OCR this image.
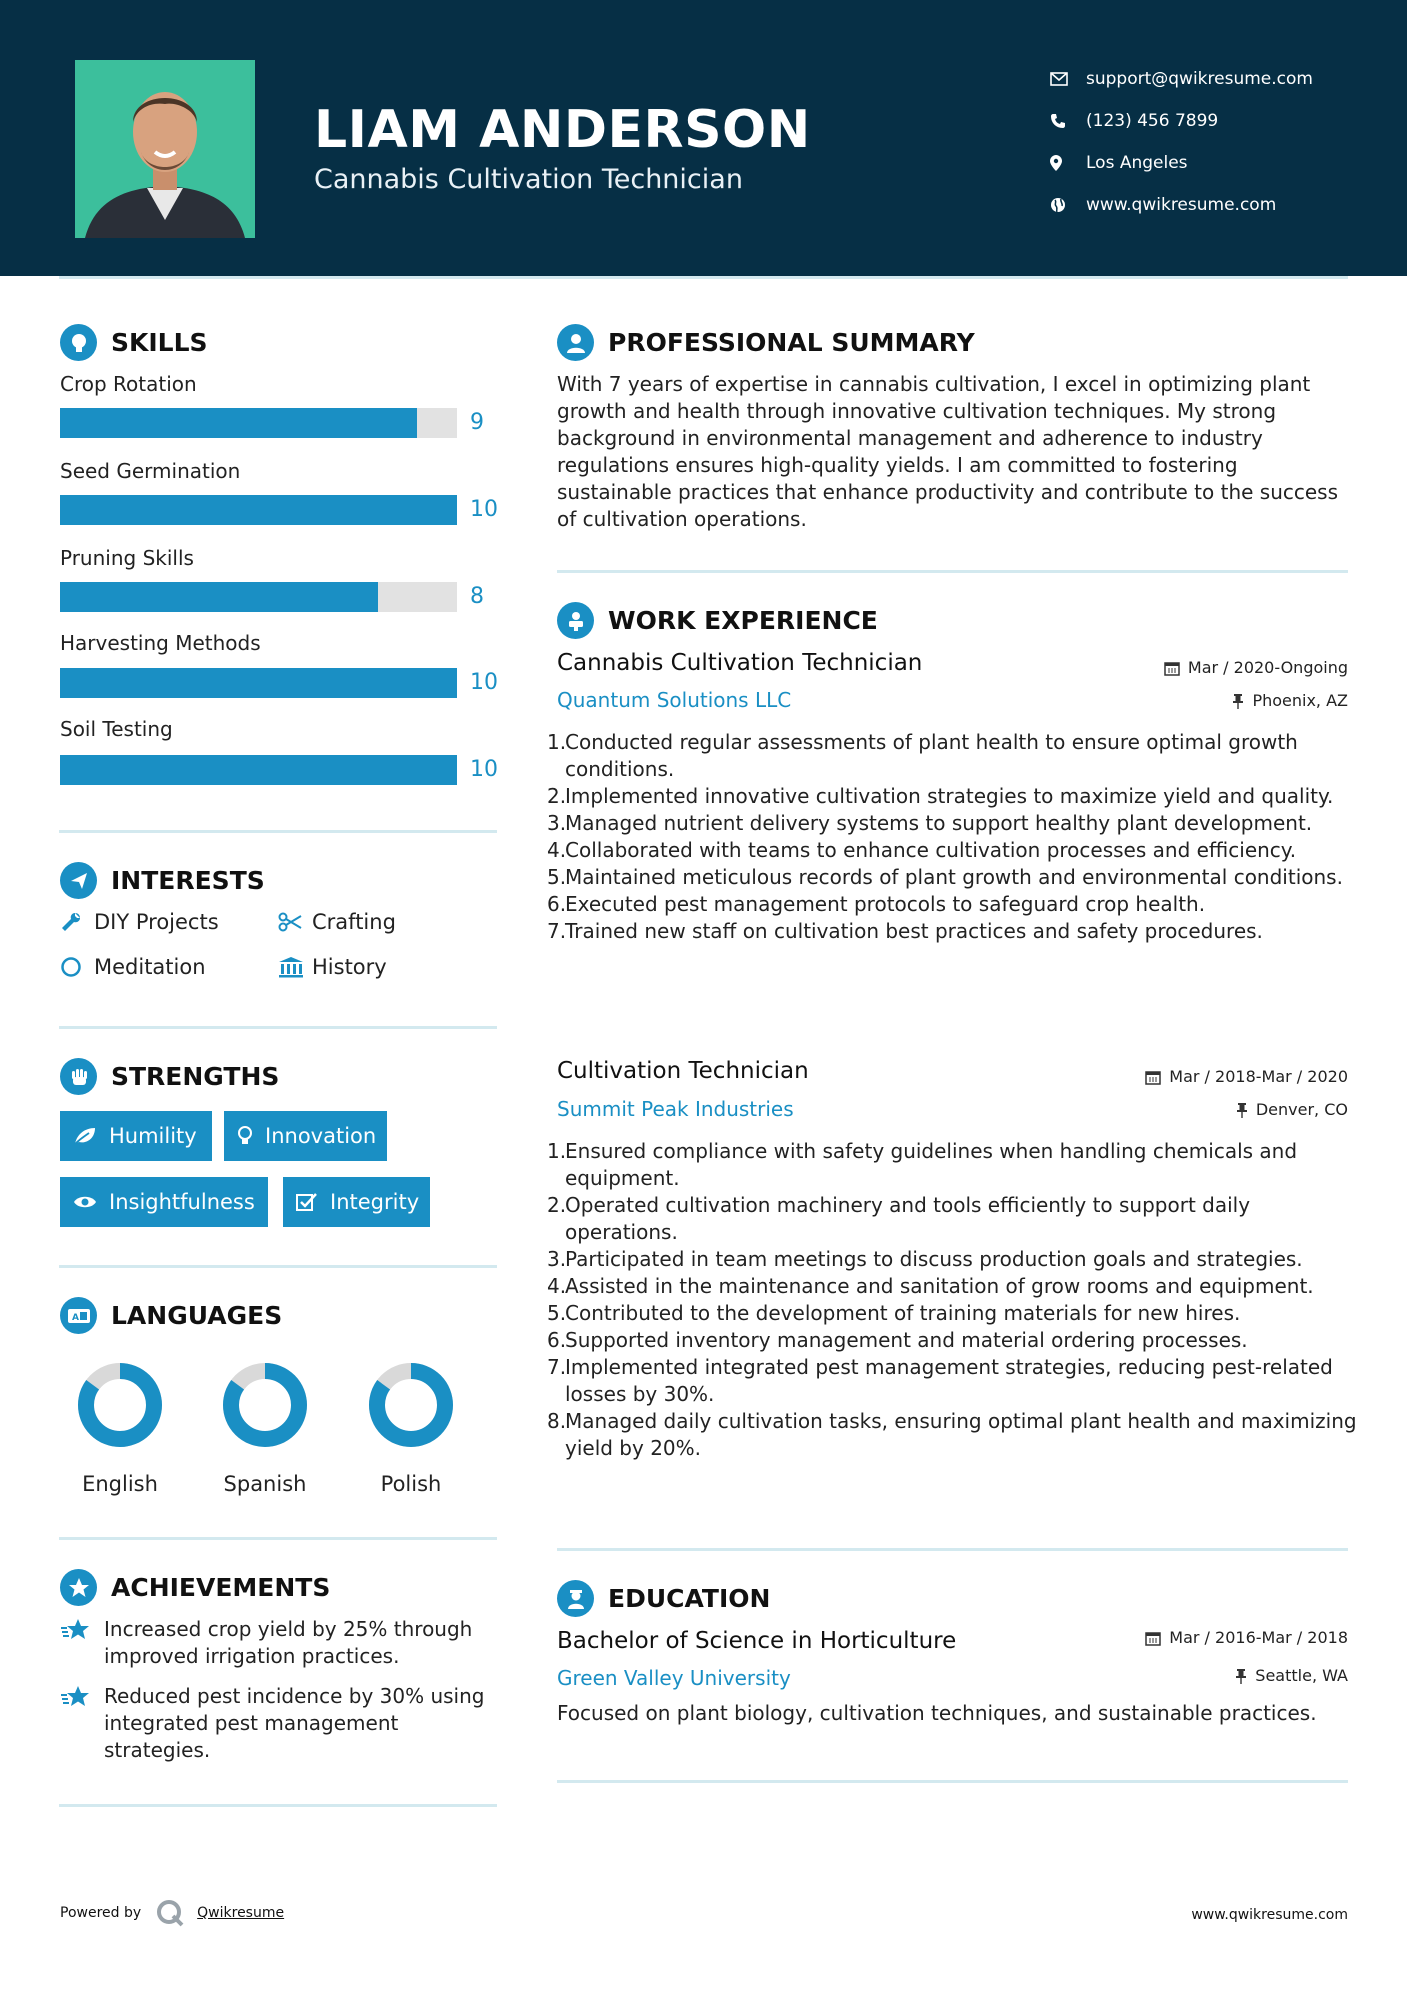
LIAM ANDERSON
Cannabis Cultivation Technician
support@qwikresume.com
(123) 456 7899
Los Angeles
www.qwikresume.com
SKILLS
Crop Rotation
9
Seed Germination
10
Pruning Skills
8
Harvesting Methods
10
Soil Testing
10
INTERESTS
DIY Projects	Crafting
Meditation	History
STRENGTHS
Humility	Innovation
Insightfulness	Integrity
A LANGUAGES
English	Spanish	Polish
ACHIEVEMENTS
Increased crop yield by 25% through improved irrigation practices.
Reduced pest incidence by 30% using integrated pest management strategies.
PROFESSIONAL SUMMARY
With 7 years of expertise in cannabis cultivation, I excel in optimizing plant growth and health through innovative cultivation techniques. My strong background in environmental management and adherence to industry regulations ensures high-quality yields. I am committed to fostering sustainable practices that enhance productivity and contribute to the success of cultivation operations.
WORK EXPERIENCE
Cannabis Cultivation Technician	Mar / 2020-Ongoing
Quantum Solutions LLC	Phoenix, AZ
1.
Conducted regular assessments of plant health to ensure optimal growth conditions.
2.
Implemented innovative cultivation strategies to maximize yield and quality.
3.
Managed nutrient delivery systems to support healthy plant development.
4.
Collaborated with teams to enhance cultivation processes and efficiency.
5.
Maintained meticulous records of plant growth and environmental conditions.
6.
Executed pest management protocols to safeguard crop health.
7.
Trained new staff on cultivation best practices and safety procedures.
Cultivation Technician	Mar / 2018-Mar / 2020
Summit Peak Industries	Denver, CO
1.
Ensured compliance with safety guidelines when handling chemicals and equipment.
2.
Operated cultivation machinery and tools efficiently to support daily operations.
3.
Participated in team meetings to discuss production goals and strategies.
4.
Assisted in the maintenance and sanitation of grow rooms and equipment.
5.
Contributed to the development of training materials for new hires.
6.
Supported inventory management and material ordering processes.
7.
Implemented integrated pest management strategies, reducing pest-related losses by 30%.
8.
Managed daily cultivation tasks, ensuring optimal plant health and maximizing yield by 20%.
EDUCATION
Bachelor of Science in Horticulture	Mar / 2016-Mar / 2018
Green Valley University	Seattle, WA
Focused on plant biology, cultivation techniques, and sustainable practices.
Powered by	Qwikresume	www.qwikresume.com
